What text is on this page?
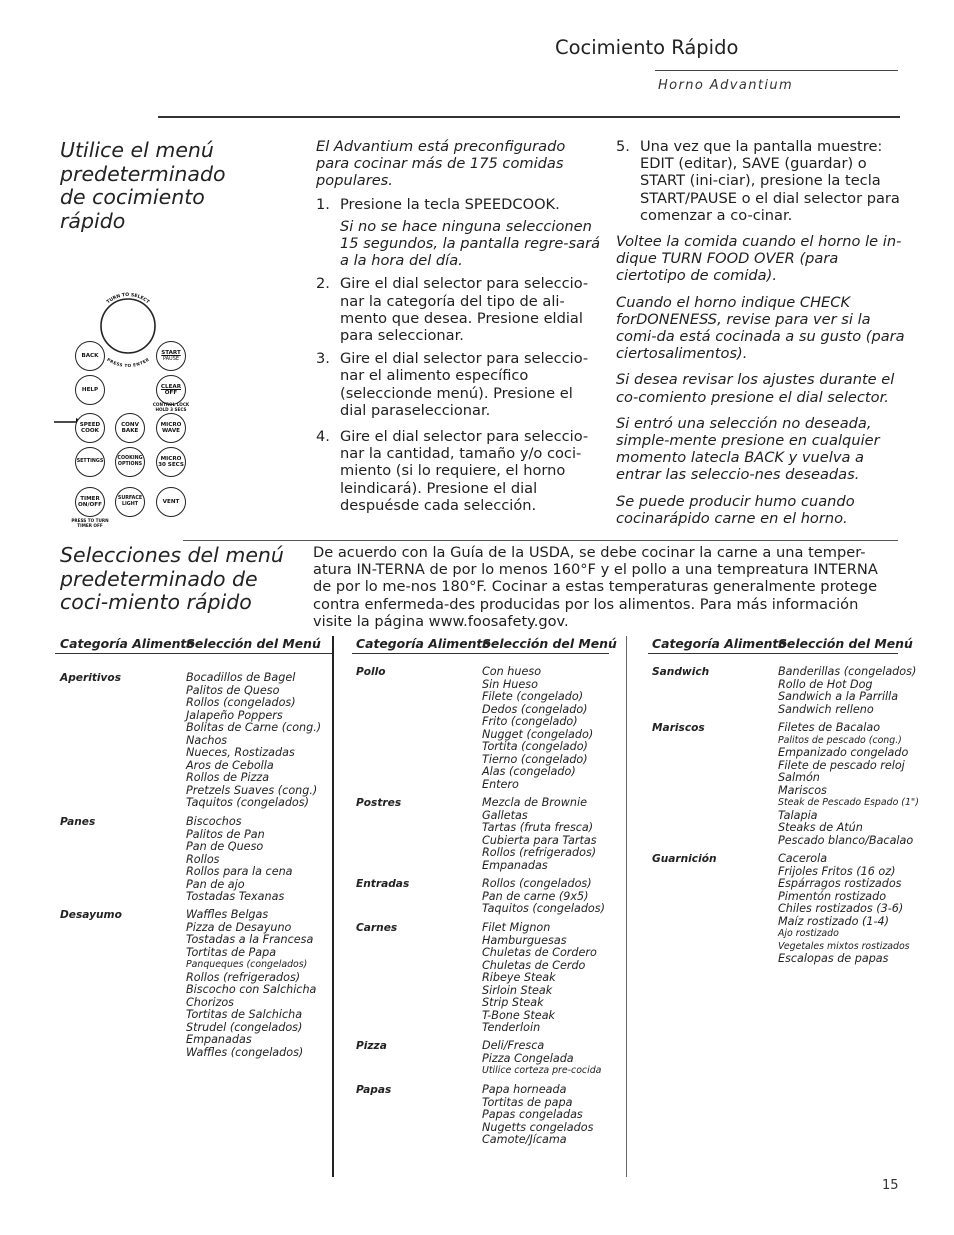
Cocimiento Rápido
Horno Advantium
Utilice el menú
predeterminado
de cocimiento
rápido
TURN TO SELECT
PRESS TO ENTER
BACK	START
PAUSE
HELP	CLEAR
OFF
CONTROL LOCK HOLD 3 SECS
SPEED
COOK
CONV
BAKE
MICRO
WAVE
SETTINGS
COOKING
OPTIONS
MICRO
30 SECS
TIMER
ON/OFF
SURFACE
LIGHT	VENT
PRESS TO TURN TIMER OFF

El Advantium está preconfigurado para cocinar más de 175 comidas populares.

1. Presione la tecla SPEEDCOOK.

Si no se hace ninguna seleccionen 15 segundos, la pantalla regre-sará a la hora del día.

2. Gire el dial selector para seleccio-nar la categoría del tipo de ali-mento que desea. Presione eldial para seleccionar.

3. Gire el dial selector para seleccio-nar el alimento específico (seleccionde menú). Presione el dial paraseleccionar.

4. Gire el dial selector para seleccio-nar la cantidad, tamaño y/o coci-miento (si lo requiere, el horno leindicará). Presione el dial despuésde cada selección.

5. Una vez que la pantalla muestre: EDIT (editar), SAVE (guardar) o START (ini-ciar), presione la tecla START/PAUSE o el dial selector para comenzar a co-cinar.

Voltee la comida cuando el horno le in-dique TURN FOOD OVER (para ciertotipo de comida).

Cuando el horno indique CHECK forDONENESS, revise para ver si la comi-da está cocinada a su gusto (para ciertosalimentos).

Si desea revisar los ajustes durante el co-comiento presione el dial selector.

Si entró una selección no deseada, simple-mente presione en cualquier momento latecla BACK y vuelva a entrar las seleccio-nes deseadas.

Se puede producir humo cuando cocinarápido carne en el horno.

Selecciones del menú
predeterminado de
coci-miento rápido

De acuerdo con la Guía de la USDA, se debe cocinar la carne a una temper-atura IN-TERNA de por lo menos 160°F y el pollo a una tempreatura INTERNA de por lo me-nos 180°F. Cocinar a estas temperaturas generalmente protege contra enfermeda-des producidas por los alimentos. Para más información visite la página www.foosafety.gov.

Categoría Alimento
Selección del Menú	Categoría Alimento
Selección del Menú	Categoría Alimento
Selección del Menú
Aperitivos	Bocadillos de Bagel
Palitos de Queso
Rollos (congelados)
Jalapeño Poppers
Bolitas de Carne (cong.)
Nachos
Nueces, Rostizadas
Aros de Cebolla
Rollos de Pizza
Pretzels Suaves (cong.)
Taquitos (congelados)
Panes	Biscochos
Palitos de Pan
Pan de Queso
Rollos
Rollos para la cena
Pan de ajo
Tostadas Texanas
Desayumo	Waffles Belgas
Pizza de Desayuno
Tostadas a la Francesa
Tortitas de Papa
Panqueques (congelados)
Rollos (refrigerados)
Biscocho con Salchicha
Chorizos
Tortitas de Salchicha
Strudel (congelados)
Empanadas
Waffles (congelados)
Pollo	Con hueso
Sin Hueso
Filete (congelado)
Dedos (congelado)
Frito (congelado)
Nugget (congelado)
Tortita (congelado)
Tierno (congelado)
Alas (congelado)
Entero
Postres	Mezcla de Brownie
Galletas
Tartas (fruta fresca)
Cubierta para Tartas
Rollos (refrigerados)
Empanadas
Entradas	Rollos (congelados)
Pan de carne (9x5)
Taquitos (congelados)
Carnes	Filet Mignon
Hamburguesas
Chuletas de Cordero
Chuletas de Cerdo
Ribeye Steak
Sirloin Steak
Strip Steak
T-Bone Steak
Tenderloin
Pizza	Deli/Fresca
Pizza Congelada
Utilice corteza pre-cocida
Papas	Papa horneada
Tortitas de papa
Papas congeladas
Nugetts congelados
Camote/Jícama
Sandwich	Banderillas (congelados)
Rollo de Hot Dog
Sandwich a la Parrilla
Sandwich relleno
Mariscos	Filetes de Bacalao
Palitos de pescado (cong.)
Empanizado congelado
Filete de pescado reloj
Salmón
Mariscos
Steak de Pescado Espado (1")
Talapia
Steaks de Atún
Pescado blanco/Bacalao
Guarnición	Cacerola
Frijoles Fritos (16 oz)
Espárragos rostizados
Pimentón rostizado
Chiles rostizados (3-6)
Maíz rostizado (1-4)
Ajo rostizado
Vegetales mixtos rostizados
Escalopas de papas
15
